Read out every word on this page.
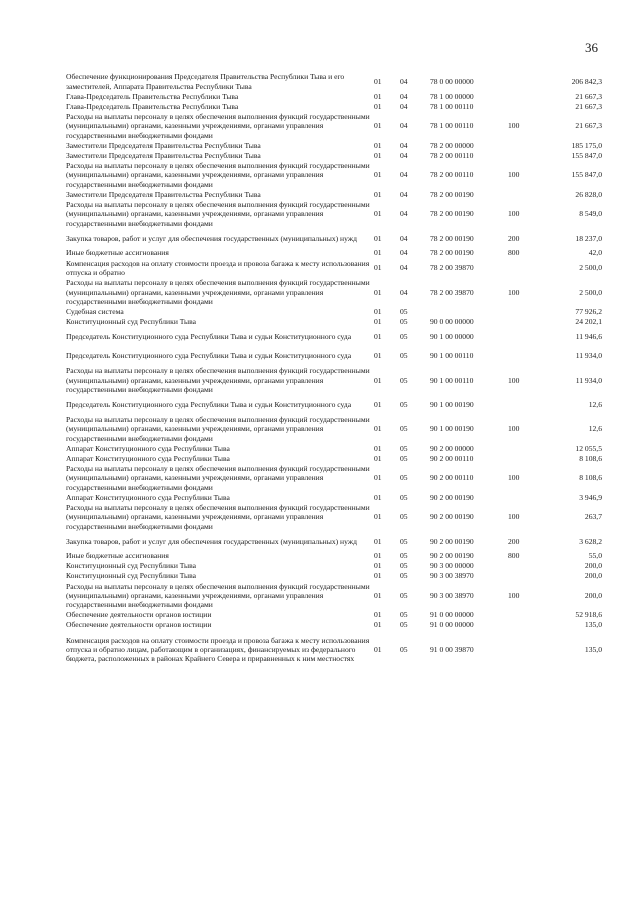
36
Обеспечение функционирования Председателя Правительства Республики Тыва и его заместителей, Аппарата Правительства Республики Тыва	01	04	78 0 00 00000		206 842,3
Глава-Председатель Правительства Республики Тыва	01	04	78 1 00 00000		21 667,3
Глава-Председатель Правительства Республики Тыва	01	04	78 1 00 00110		21 667,3
Расходы на выплаты персоналу в целях обеспечения выполнения функций государственными (муниципальными) органами, казенными учреждениями, органами управления государственными внебюджетными фондами	01	04	78 1 00 00110	100	21 667,3
Заместители Председателя Правительства Республики Тыва	01	04	78 2 00 00000		185 175,0
Заместители Председателя Правительства Республики Тыва	01	04	78 2 00 00110		155 847,0
Расходы на выплаты персоналу в целях обеспечения выполнения функций государственными (муниципальными) органами, казенными учреждениями, органами управления государственными внебюджетными фондами	01	04	78 2 00 00110	100	155 847,0
Заместители Председателя Правительства Республики Тыва	01	04	78 2 00 00190		26 828,0
Расходы на выплаты персоналу в целях обеспечения выполнения функций государственными (муниципальными) органами, казенными учреждениями, органами управления государственными внебюджетными фондами	01	04	78 2 00 00190	100	8 549,0
Закупка товаров, работ и услуг для обеспечения государственных (муниципальных) нужд	01	04	78 2 00 00190	200	18 237,0
Иные бюджетные ассигнования	01	04	78 2 00 00190	800	42,0
Компенсация расходов на оплату стоимости проезда и провоза багажа к месту использования отпуска и обратно	01	04	78 2 00 39870		2 500,0
Расходы на выплаты персоналу в целях обеспечения выполнения функций государственными (муниципальными) органами, казенными учреждениями, органами управления государственными внебюджетными фондами	01	04	78 2 00 39870	100	2 500,0
Судебная система	01	05			77 926,2
Конституционный суд Республики Тыва	01	05	90 0 00 00000		24 202,1
Председатель Конституционного суда Республики Тыва и судьи Конституционного суда	01	05	90 1 00 00000		11 946,6
Председатель Конституционного суда Республики Тыва и судьи Конституционного суда	01	05	90 1 00 00110		11 934,0
Расходы на выплаты персоналу в целях обеспечения выполнения функций государственными (муниципальными) органами, казенными учреждениями, органами управления государственными внебюджетными фондами	01	05	90 1 00 00110	100	11 934,0
Председатель Конституционного суда Республики Тыва и судьи Конституционного суда	01	05	90 1 00 00190		12,6
Расходы на выплаты персоналу в целях обеспечения выполнения функций государственными (муниципальными) органами, казенными учреждениями, органами управления государственными внебюджетными фондами	01	05	90 1 00 00190	100	12,6
Аппарат Конституционного суда Республики Тыва	01	05	90 2 00 00000		12 055,5
Аппарат Конституционного суда Республики Тыва	01	05	90 2 00 00110		8 108,6
Расходы на выплаты персоналу в целях обеспечения выполнения функций государственными (муниципальными) органами, казенными учреждениями, органами управления государственными внебюджетными фондами	01	05	90 2 00 00110	100	8 108,6
Аппарат Конституционного суда Республики Тыва	01	05	90 2 00 00190		3 946,9
Расходы на выплаты персоналу в целях обеспечения выполнения функций государственными (муниципальными) органами, казенными учреждениями, органами управления государственными внебюджетными фондами	01	05	90 2 00 00190	100	263,7
Закупка товаров, работ и услуг для обеспечения государственных (муниципальных) нужд	01	05	90 2 00 00190	200	3 628,2
Иные бюджетные ассигнования	01	05	90 2 00 00190	800	55,0
Конституционный суд Республики Тыва	01	05	90 3 00 00000		200,0
Конституционный суд Республики Тыва	01	05	90 3 00 38970		200,0
Расходы на выплаты персоналу в целях обеспечения выполнения функций государственными (муниципальными) органами, казенными учреждениями, органами управления государственными внебюджетными фондами	01	05	90 3 00 38970	100	200,0
Обеспечение деятельности органов юстиции	01	05	91 0 00 00000		52 918,6
Обеспечение деятельности органов юстиции	01	05	91 0 00 00000		135,0
Компенсация расходов на оплату стоимости проезда и провоза багажа к месту использования отпуска и обратно лицам, работающим в организациях, финансируемых из федерального бюджета, расположенных в районах Крайнего Севера и приравненных к ним местностях	01	05	91 0 00 39870		135,0
